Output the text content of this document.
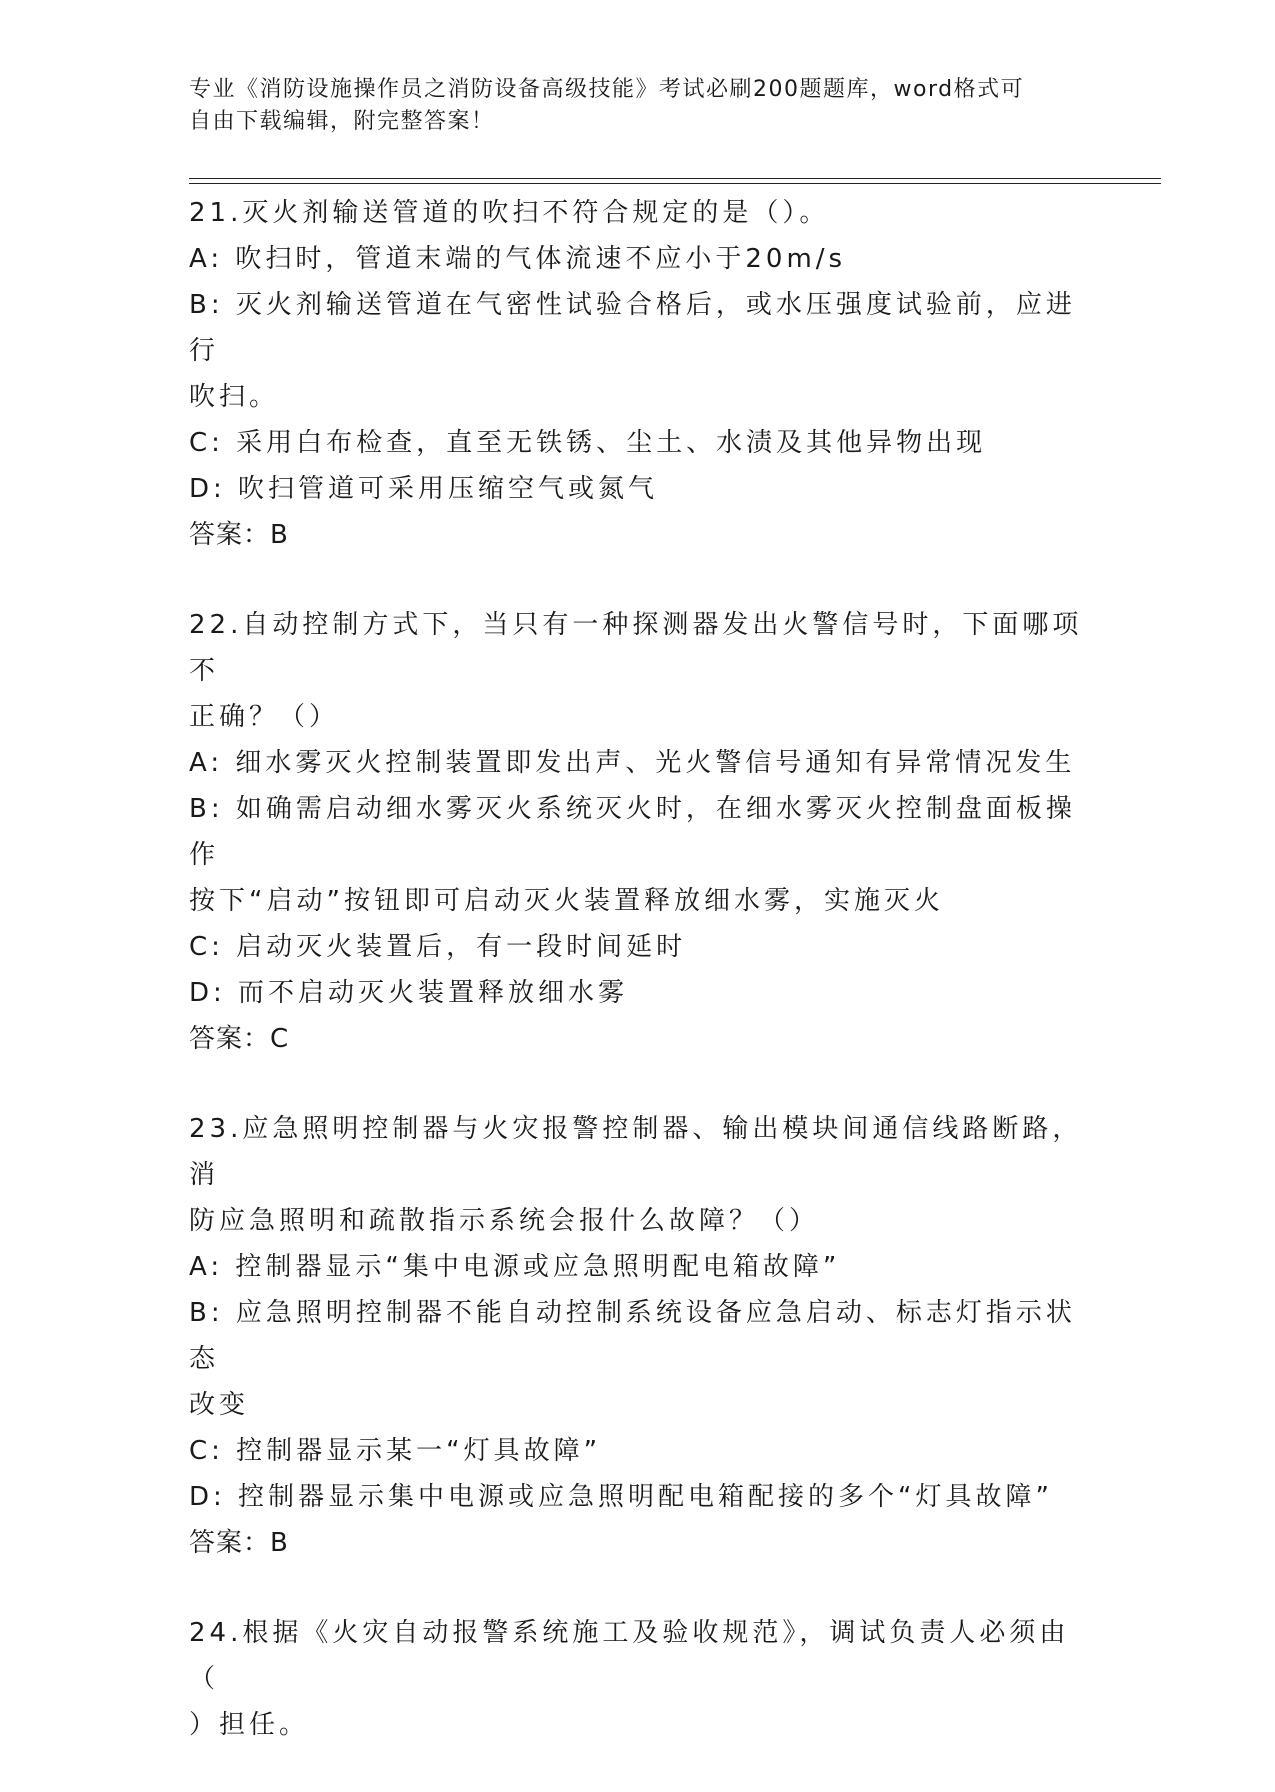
专业《消防设施操作员之消防设备高级技能》考试必刷200题题库，word格式可
自由下载编辑，附完整答案！

21.灭火剂输送管道的吹扫不符合规定的是（）。

A: 吹扫时，管道末端的气体流速不应小于20m/s

B: 灭火剂输送管道在气密性试验合格后，或水压强度试验前，应进行

吹扫。

C: 采用白布检查，直至无铁锈、尘土、水渍及其他异物出现

D: 吹扫管道可采用压缩空气或氮气

答案：B

22.自动控制方式下，当只有一种探测器发出火警信号时，下面哪项不

正确？（）

A: 细水雾灭火控制装置即发出声、光火警信号通知有异常情况发生

B: 如确需启动细水雾灭火系统灭火时，在细水雾灭火控制盘面板操作

按下“启动”按钮即可启动灭火装置释放细水雾，实施灭火

C: 启动灭火装置后，有一段时间延时

D: 而不启动灭火装置释放细水雾

答案：C

23.应急照明控制器与火灾报警控制器、输出模块间通信线路断路，消

防应急照明和疏散指示系统会报什么故障？（）

A: 控制器显示“集中电源或应急照明配电箱故障”

B: 应急照明控制器不能自动控制系统设备应急启动、标志灯指示状态

改变

C: 控制器显示某一“灯具故障”

D: 控制器显示集中电源或应急照明配电箱配接的多个“灯具故障”

答案：B

24.根据《火灾自动报警系统施工及验收规范》，调试负责人必须由（

）担任。
